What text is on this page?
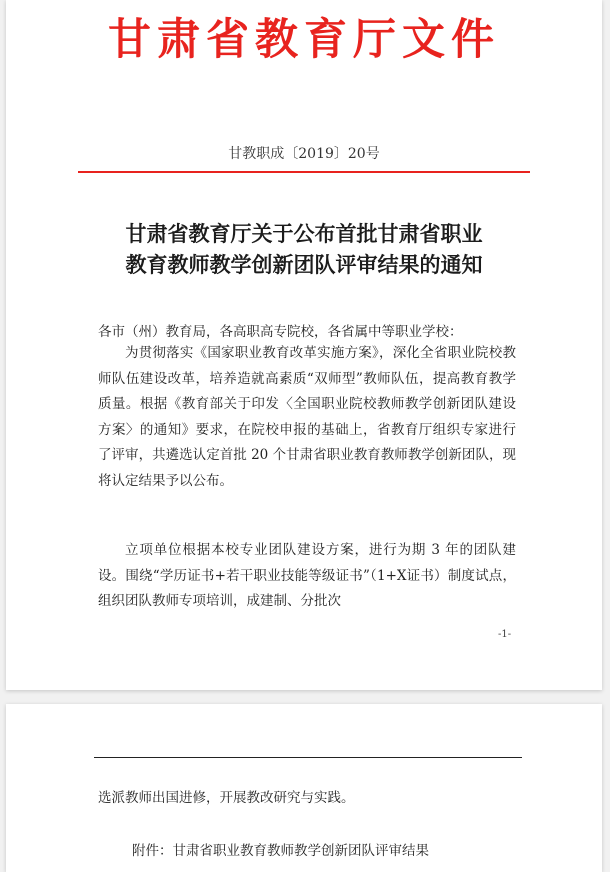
甘肃省教育厅文件
甘教职成〔2019〕20号
甘肃省教育厅关于公布首批甘肃省职业
教育教师教学创新团队评审结果的通知
各市（州）教育局，各高职高专院校，各省属中等职业学校：
为贯彻落实《国家职业教育改革实施方案》，深化全省职业院校教师队伍建设改革，培养造就高素质“双师型”教师队伍，提高教育教学质量。根据《教育部关于印发〈全国职业院校教师教学创新团队建设方案〉的通知》要求，在院校申报的基础上，省教育厅组织专家进行了评审，共遴选认定首批 20 个甘肃省职业教育教师教学创新团队，现将认定结果予以公布。
立项单位根据本校专业团队建设方案，进行为期 3 年的团队建设。围绕“学历证书+若干职业技能等级证书”（1+X证书）制度试点，组织团队教师专项培训，成建制、分批次
-1-
选派教师出国进修，开展教改研究与实践。
附件：甘肃省职业教育教师教学创新团队评审结果
